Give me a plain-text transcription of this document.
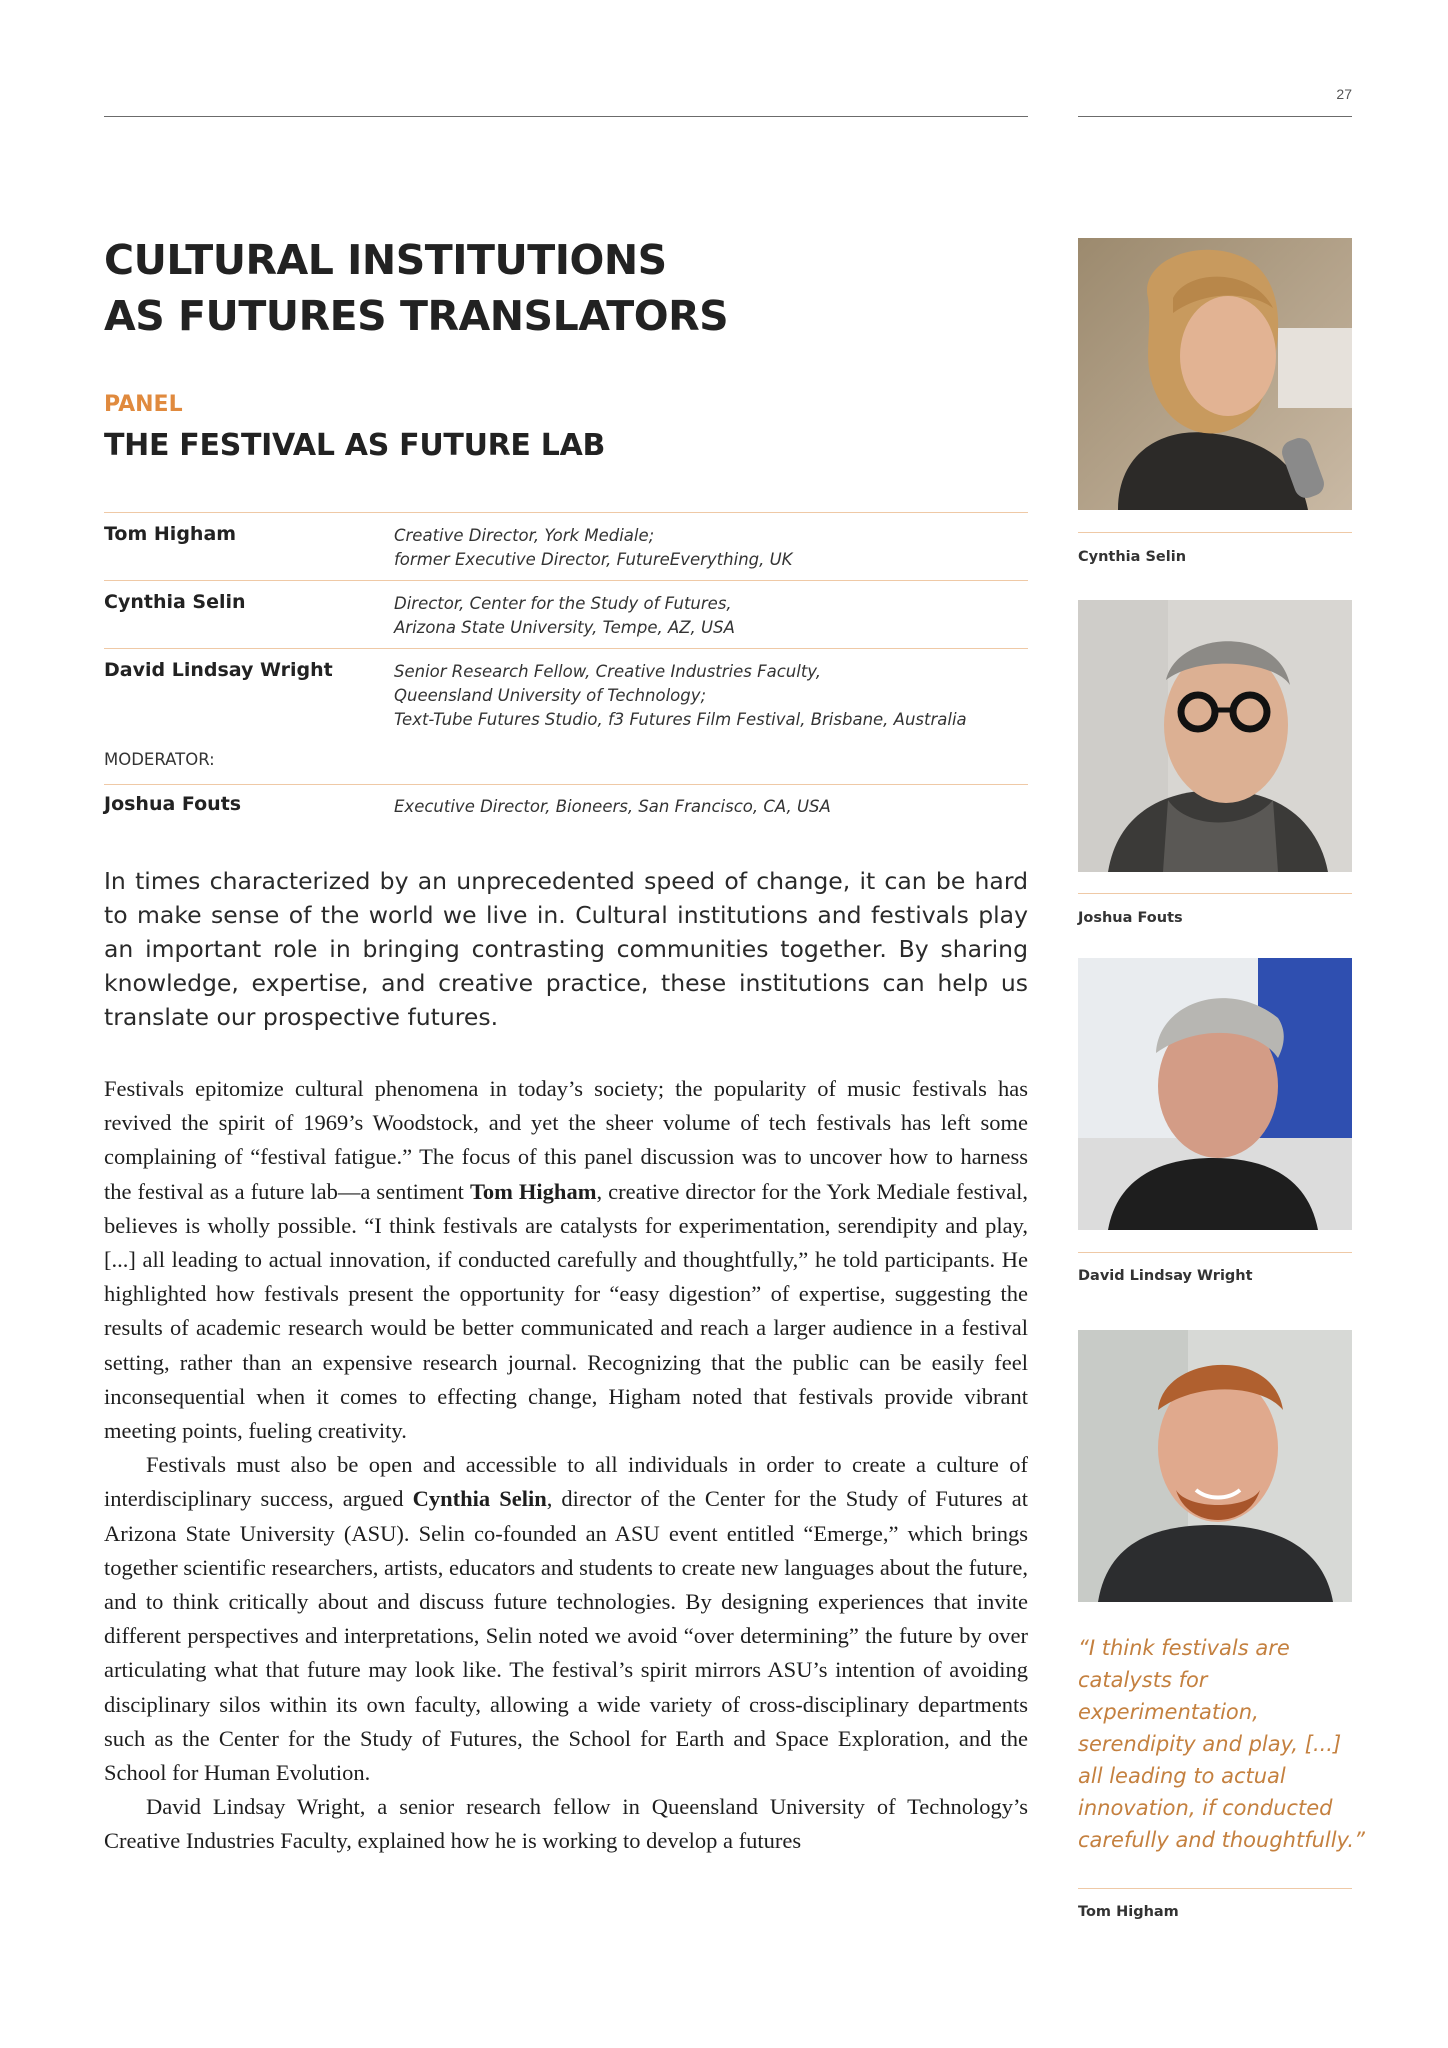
27
CULTURAL INSTITUTIONS
AS FUTURES TRANSLATORS
PANEL
THE FESTIVAL AS FUTURE LAB
Tom Higham	Creative Director, York Mediale;
former Executive Director, FutureEverything, UK
Cynthia Selin	Director, Center for the Study of Futures,
Arizona State University, Tempe, AZ, USA
David Lindsay Wright	Senior Research Fellow, Creative Industries Faculty,
Queensland University of Technology;
Text-Tube Futures Studio, f3 Futures Film Festival, Brisbane, Australia
MODERATOR:
Joshua Fouts	Executive Director, Bioneers, San Francisco, CA, USA

In times characterized by an unprecedented speed of change, it can be hard to make sense of the world we live in. Cultural institutions and festivals play an important role in bringing contrasting communities together. By sharing knowledge, expertise, and creative practice, these institutions can help us translate our prospective futures.

Festivals epitomize cultural phenomena in today’s society; the popularity of music festivals has revived the spirit of 1969’s Woodstock, and yet the sheer volume of tech festivals has left some complaining of “festival fatigue.” The focus of this panel discussion was to uncover how to harness the festival as a future lab—a sentiment Tom Higham, creative director for the York Mediale festival, believes is wholly possible. “I think festivals are catalysts for experimentation, serendipity and play, [...] all leading to actual innovation, if conducted carefully and thoughtfully,” he told participants. He highlighted how festivals present the opportunity for “easy digestion” of expertise, suggesting the results of academic research would be better communicated and reach a larger audience in a festival setting, rather than an expensive research journal. Recognizing that the public can be easily feel inconsequential when it comes to effecting change, Higham noted that festivals provide vibrant meeting points, fueling creativity.

Festivals must also be open and accessible to all individuals in order to create a culture of interdisciplinary success, argued Cynthia Selin, director of the Center for the Study of Futures at Arizona State University (ASU). Selin co-founded an ASU event entitled “Emerge,” which brings together scientific researchers, artists, educators and students to create new languages about the future, and to think critically about and discuss future technologies. By designing experiences that invite different perspectives and interpretations, Selin noted we avoid “over determining” the future by over articulating what that future may look like. The festival’s spirit mirrors ASU’s intention of avoiding disciplinary silos within its own faculty, allowing a wide variety of cross-disciplinary departments such as the Center for the Study of Futures, the School for Earth and Space Exploration, and the School for Human Evolution.

David Lindsay Wright, a senior research fellow in Queensland University of Technology’s Creative Industries Faculty, explained how he is working to develop a futures

Cynthia Selin
Joshua Fouts
David Lindsay Wright

“I think festivals are catalysts for experimentation, serendipity and play, [...] all leading to actual innovation, if conducted carefully and thoughtfully.”

Tom Higham
